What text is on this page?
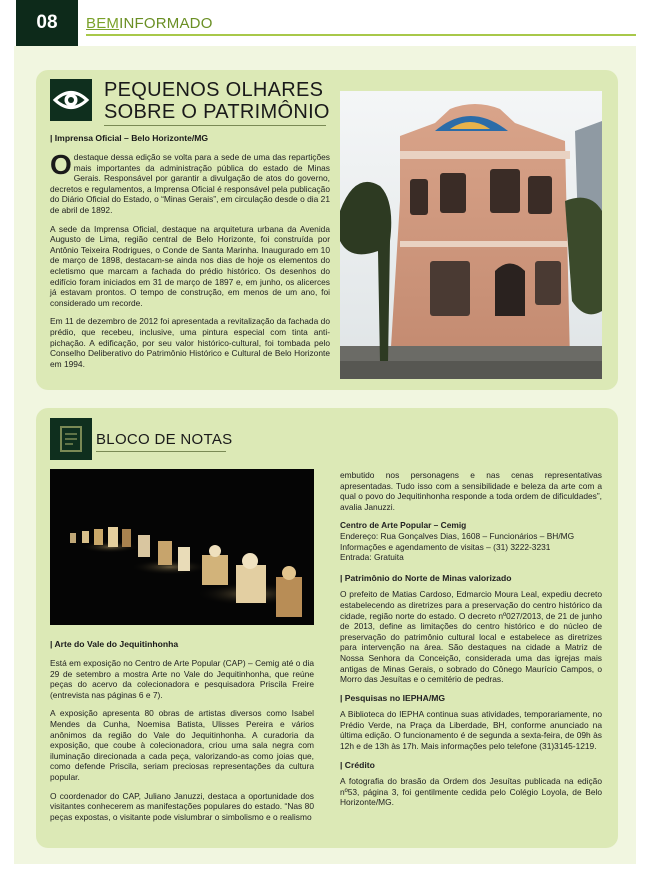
08	BEMINFORMADO
PEQUENOS OLHARES
SOBRE O PATRIMÔNIO
| Imprensa Oficial – Belo Horizonte/MG

Odestaque dessa edição se volta para a sede de uma das repartições mais importantes da administração pública do estado de Minas Gerais. Responsável por garantir a divulgação de atos do governo, decretos e regulamentos, a Imprensa Oficial é responsável pela publicação do Diário Oficial do Estado, o “Minas Gerais”, em circulação desde o dia 21 de abril de 1892.

A sede da Imprensa Oficial, destaque na arquitetura urbana da Avenida Augusto de Lima, região central de Belo Horizonte, foi construída por Antônio Teixeira Rodrigues, o Conde de Santa Marinha. Inaugurado em 10 de março de 1898, destacam-se ainda nos dias de hoje os elementos do ecletismo que marcam a fachada do prédio histórico. Os desenhos do edifício foram iniciados em 31 de março de 1897 e, em junho, os alicerces já estavam prontos. O tempo de construção, em menos de um ano, foi considerado um recorde.

Em 11 de dezembro de 2012 foi apresentada a revitalização da fachada do prédio, que recebeu, inclusive, uma pintura especial com tinta anti-pichação. A edificação, por seu valor histórico-cultural, foi tombada pelo Conselho Deliberativo do Patrimônio Histórico e Cultural de Belo Horizonte em 1994.

BLOCO DE NOTAS
| Arte do Vale do Jequitinhonha

Está em exposição no Centro de Arte Popular (CAP) – Cemig até o dia 29 de setembro a mostra Arte no Vale do Jequitinhonha, que reúne peças do acervo da colecionadora e pesquisadora Priscila Freire (entrevista nas páginas 6 e 7).

A exposição apresenta 80 obras de artistas diversos como Isabel Mendes da Cunha, Noemisa Batista, Ulisses Pereira e vários anônimos da região do Vale do Jequitinhonha. A curadoria da exposição, que coube à colecionadora, criou uma sala negra com iluminação direcionada a cada peça, valorizando-as como joias que, como defende Priscila, seriam preciosas representações da cultura popular.

O coordenador do CAP, Juliano Januzzi, destaca a oportunidade dos visitantes conhecerem as manifestações populares do estado. “Nas 80 peças expostas, o visitante pode vislumbrar o simbolismo e o realismo

embutido nos personagens e nas cenas representativas apresentadas. Tudo isso com a sensibilidade e beleza da arte com a qual o povo do Jequitinhonha responde a toda ordem de dificuldades”, avalia Januzzi.

Centro de Arte Popular – Cemig
Endereço: Rua Gonçalves Dias, 1608 – Funcionários – BH/MG
Informações e agendamento de visitas – (31) 3222-3231
Entrada: Gratuita

| Patrimônio do Norte de Minas valorizado

O prefeito de Matias Cardoso, Edmarcio Moura Leal, expediu decreto estabelecendo as diretrizes para a preservação do centro histórico da cidade, região norte do estado. O decreto nº027/2013, de 21 de junho de 2013, define as limitações do centro histórico e do núcleo de preservação do patrimônio cultural local e estabelece as diretrizes para intervenção na área. São destaques na cidade a Matriz de Nossa Senhora da Conceição, considerada uma das igrejas mais antigas de Minas Gerais, o sobrado do Cônego Maurício Campos, o Morro das Jesuítas e o cemitério de pedras.

| Pesquisas no IEPHA/MG

A Biblioteca do IEPHA continua suas atividades, temporariamente, no Prédio Verde, na Praça da Liberdade, BH, conforme anunciado na última edição. O funcionamento é de segunda a sexta-feira, de 09h às 12h e de 13h às 17h. Mais informações pelo telefone (31)3145-1219.

| Crédito

A fotografia do brasão da Ordem dos Jesuítas publicada na edição nº53, página 3, foi gentilmente cedida pelo Colégio Loyola, de Belo Horizonte/MG.
